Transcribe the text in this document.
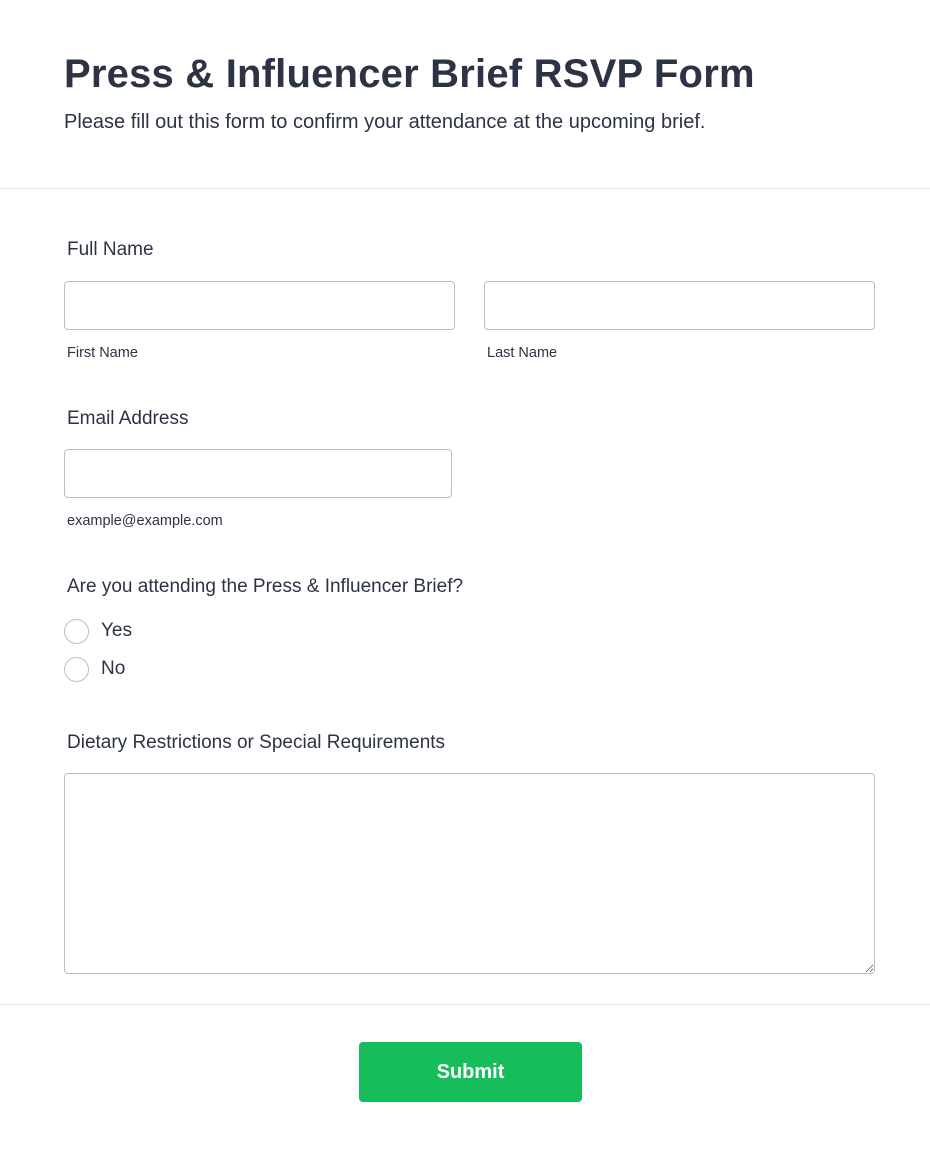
Press & Influencer Brief RSVP Form

Please fill out this form to confirm your attendance at the upcoming brief.

Full Name
First Name	Last Name
Email Address
example@example.com
Are you attending the Press & Influencer Brief?
Yes
No
Dietary Restrictions or Special Requirements
Submit
